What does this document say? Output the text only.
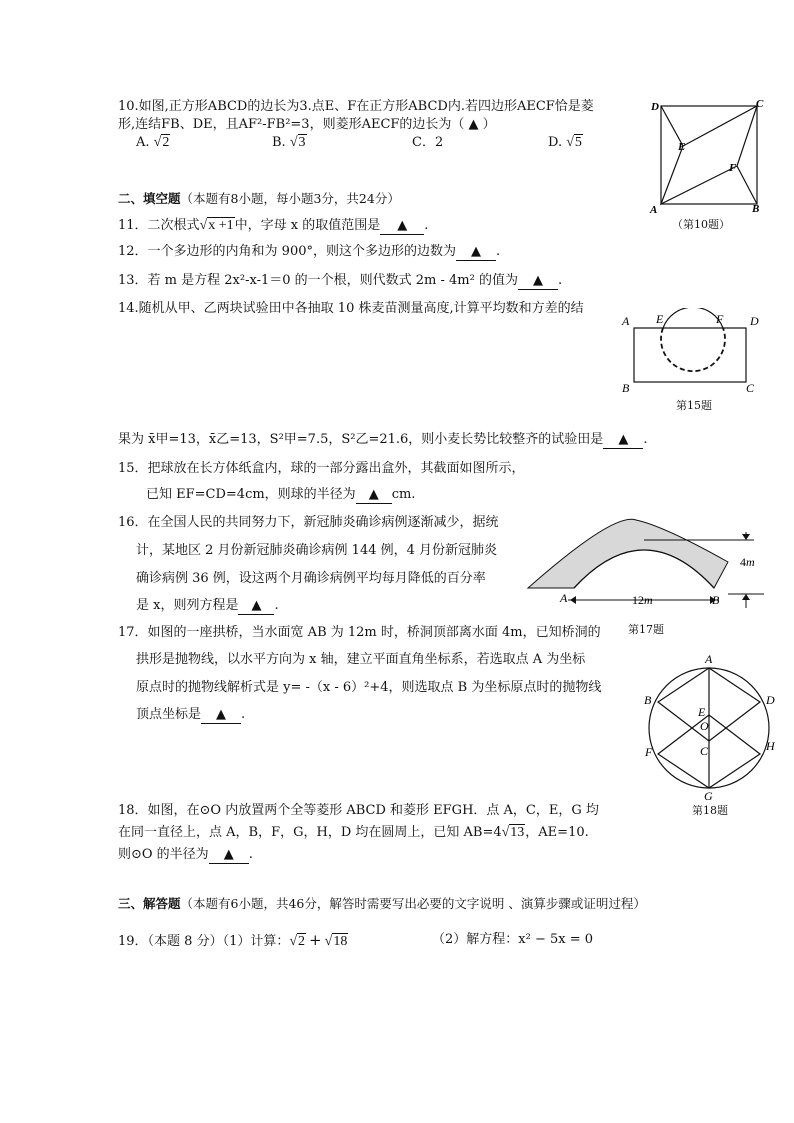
10.如图,正方形ABCD的边长为3.点E、F在正方形ABCD内.若四边形AECF恰是菱
形,连结FB、DE，且AF²-FB²=3，则菱形AECF的边长为（ ▲ ）
A. √2	B. √3	C．2	D. √5
D	C
A	B
E
F
（第10题）
二、填空题（本题有8小题，每小题3分，共24分）
11．二次根式√x +1中，字母 x 的取值范围是 ▲ .
12．一个多边形的内角和为 900°，则这个多边形的边数为 ▲ .
13．若 m 是方程 2x²-x-1＝0 的一个根，则代数式 2m - 4m² 的值为 ▲ .
14.随机从甲、乙两块试验田中各抽取 10 株麦苗测量高度,计算平均数和方差的结
A E	F D
B	C
第15题
果为 x̄甲=13，x̄乙=13，S²甲=7.5，S²乙=21.6，则小麦长势比较整齐的试验田是 ▲ .
15．把球放在长方体纸盒内，球的一部分露出盒外，其截面如图所示，
已知 EF=CD=4cm，则球的半径为 ▲ cm.
16．在全国人民的共同努力下，新冠肺炎确诊病例逐渐减少，据统
计，某地区 2 月份新冠肺炎确诊病例 144 例，4 月份新冠肺炎
确诊病例 36 例，设这两个月确诊病例平均每月降低的百分率
是 x，则列方程是 ▲ .	A	B
12m
4m
第17题
17．如图的一座拱桥，当水面宽 AB 为 12m 时，桥洞顶部离水面 4m，已知桥洞的
拱形是抛物线，以水平方向为 x 轴，建立平面直角坐标系，若选取点 A 为坐标
原点时的抛物线解析式是 y= -（x - 6）²+4，则选取点 B 为坐标原点时的抛物线
顶点坐标是 ▲ .
A
B	D
E
O
F	C	H
G
第18题
18．如图，在⊙O 内放置两个全等菱形 ABCD 和菱形 EFGH．点 A，C，E，G 均
在同一直径上，点 A，B，F，G，H，D 均在圆周上，已知 AB=4√13，AE=10.
则⊙O 的半径为 ▲ .
三、解答题（本题有6小题，共46分，解答时需要写出必要的文字说明 、演算步骤或证明过程）
19．（本题 8 分）（1）计算：√2 + √18	（2）解方程：x² − 5x = 0
